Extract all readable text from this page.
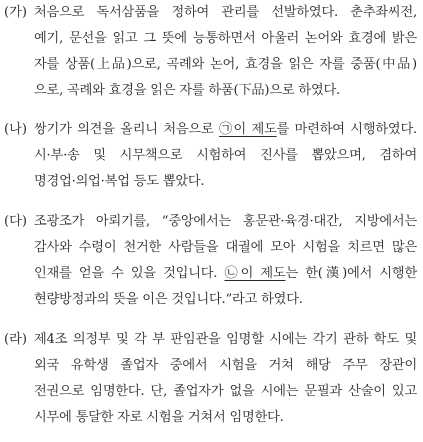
(가) 처음으로 독서삼품을 정하여 관리를 선발하였다. 춘추좌씨전,
예기, 문선을 읽고 그 뜻에 능통하면서 아울러 논어와 효경에 밝은
자를 상품(上品)으로, 곡례와 논어, 효경을 읽은 자를 중품(中品)
으로, 곡례와 효경을 읽은 자를 하품(下品)으로 하였다.
(나) 쌍기가 의견을 올리니 처음으로 ㉠이 제도를 마련하여 시행하였다.
시·부·송 및 시무책으로 시험하여 진사를 뽑았으며, 겸하여
명경업·의업·복업 등도 뽑았다.
(다) 조광조가 아뢰기를, “중앙에서는 홍문관·육경·대간, 지방에서는
감사와 수령이 천거한 사람들을 대궐에 모아 시험을 치르면 많은
인재를 얻을 수 있을 것입니다. ㉡이 제도는 한(漢)에서 시행한
현량방정과의 뜻을 이은 것입니다.”라고 하였다.
(라) 제4조 의정부 및 각 부 판임관을 임명할 시에는 각기 관하 학도 및
외국 유학생 졸업자 중에서 시험을 거쳐 해당 주무 장관이
전권으로 임명한다. 단, 졸업자가 없을 시에는 문필과 산술이 있고
시무에 통달한 자로 시험을 거쳐서 임명한다.
